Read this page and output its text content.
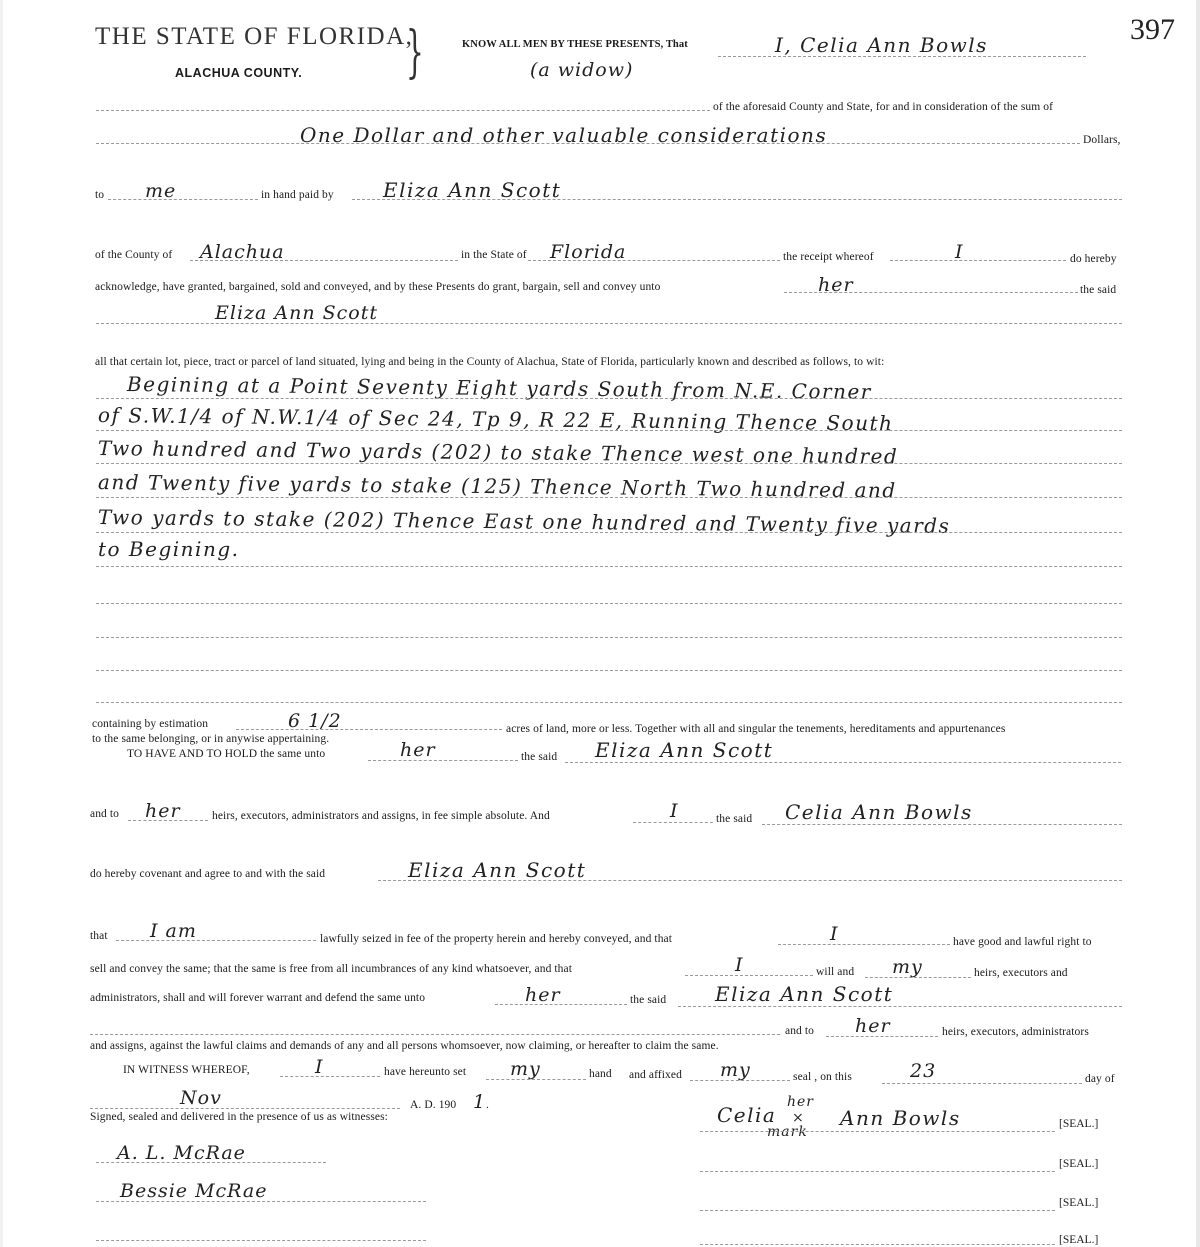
THE STATE OF FLORIDA,
ALACHUA COUNTY. }	KNOW ALL MEN BY THESE PRESENTS, That	I, Celia Ann Bowls	397
(a widow)
of the aforesaid County and State, for and in consideration of the sum of
One Dollar and other valuable considerations	Dollars,
to me	in hand paid by Eliza Ann Scott
of the County of Alachua	in the State of Florida	the receipt whereof	I	do hereby
acknowledge, have granted, bargained, sold and conveyed, and by these Presents do grant, bargain, sell and convey unto	her	the said
Eliza Ann Scott
all that certain lot, piece, tract or parcel of land situated, lying and being in the County of Alachua, State of Florida, particularly known and described as follows, to wit:
Begining at a Point Seventy Eight yards South from N.E. Corner
of S.W.1/4 of N.W.1/4 of Sec 24, Tp 9, R 22 E, Running Thence South
Two hundred and Two yards (202) to stake Thence west one hundred
and Twenty five yards to stake (125) Thence North Two hundred and
Two yards to stake (202) Thence East one hundred and Twenty five yards
to Begining.
containing by estimation	6 1/2	acres of land, more or less. Together with all and singular the tenements, hereditaments and appurtenances
to the same belonging, or in anywise appertaining.
TO HAVE AND TO HOLD the same unto	her	the said Eliza Ann Scott
and to her	heirs, executors, administrators and assigns, in fee simple absolute. And	I	the said Celia Ann Bowls
do hereby covenant and agree to and with the said	Eliza Ann Scott
that I am	lawfully seized in fee of the property herein and hereby conveyed, and that	I	have good and lawful right to
sell and convey the same; that the same is free from all incumbrances of any kind whatsoever, and that	I	will and my	heirs, executors and
administrators, shall and will forever warrant and defend the same unto	her	the said Eliza Ann Scott
and to her	heirs, executors, administrators
and assigns, against the lawful claims and demands of any and all persons whomsoever, now claiming, or hereafter to claim the same.
IN WITNESS WHEREOF,	I	have hereunto set my	hand and affixed my	seal , on this	23	day of
Nov	A. D. 190 1 .
Signed, sealed and delivered in the presence of us as witnesses:	Celia
her
×
mark
Ann Bowls	[SEAL.]
A. L. McRae	[SEAL.]
Bessie McRae
[SEAL.]
[SEAL.]
